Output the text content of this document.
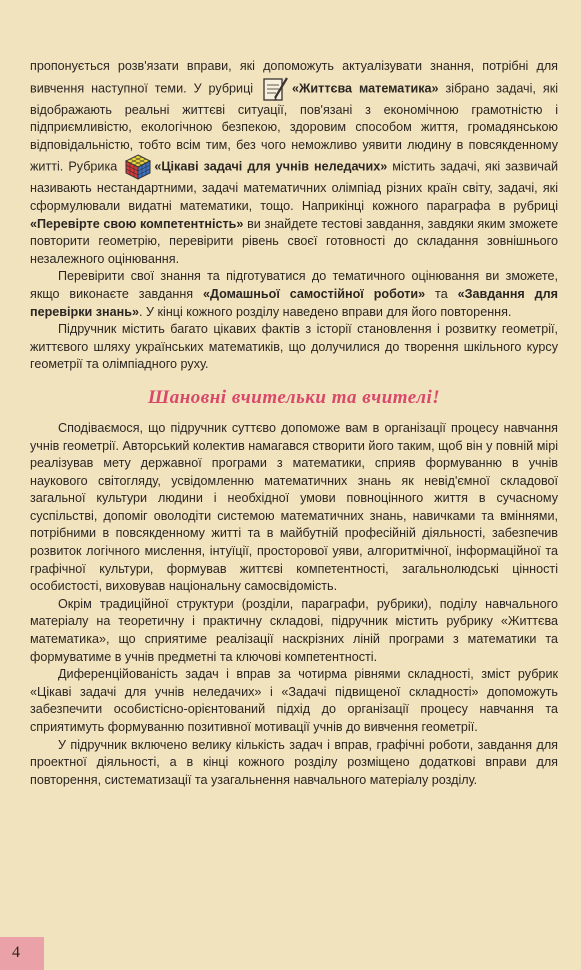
пропонується розв'язати вправи, які допоможуть актуалізувати знання, потрібні для вивчення наступної теми. У рубриці	«Життєва математика» зібрано задачі, які відображають реальні життєві ситуації, пов'язані з економічною грамотністю і підприємливістю, екологічною безпекою, здоровим способом життя, громадянською відповідальністю, тобто всім тим, без чого неможливо уявити людину в повсякденному житті. Рубрика	«Цікаві задачі для учнів неледачих» містить задачі, які зазвичай називають нестандартними, задачі математичних олімпіад різних країн світу, задачі, які сформулювали видатні математики, тощо. Наприкінці кожного параграфа в рубриці «Перевірте свою компетентність» ви знайдете тестові завдання, завдяки яким зможете повторити геометрію, перевірити рівень своєї готовності до складання зовнішнього незалежного оцінювання.

Перевірити свої знання та підготуватися до тематичного оцінювання ви зможете, якщо виконаєте завдання «Домашньої самостійної роботи» та «Завдання для перевірки знань». У кінці кожного розділу наведено вправи для його повторення.

Підручник містить багато цікавих фактів з історії становлення і розвитку геометрії, життєвого шляху українських математиків, що долучилися до творення шкільного курсу геометрії та олімпіадного руху.

Шановні вчительки та вчителі!

Сподіваємося, що підручник суттєво допоможе вам в організації процесу навчання учнів геометрії. Авторський колектив намагався створити його таким, щоб він у повній мірі реалізував мету державної програми з математики, сприяв формуванню в учнів наукового світогляду, усвідомленню математичних знань як невід'ємної складової загальної культури людини і необхідної умови повноцінного життя в сучасному суспільстві, допоміг оволодіти системою математичних знань, навичками та вміннями, потрібними в повсякденному житті та в майбутній професійній діяльності, забезпечив розвиток логічного мислення, інтуїції, просторової уяви, алгоритмічної, інформаційної та графічної культури, формував життєві компетентності, загальнолюдські цінності особистості, виховував національну самосвідомість.

Окрім традиційної структури (розділи, параграфи, рубрики), поділу навчального матеріалу на теоретичну і практичну складові, підручник містить рубрику «Життєва математика», що сприятиме реалізації наскрізних ліній програми з математики та формуватиме в учнів предметні та ключові компетентності.

Диференційованість задач і вправ за чотирма рівнями складності, зміст рубрик «Цікаві задачі для учнів неледачих» і «Задачі підвищеної складності» допоможуть забезпечити особистісно-орієнтований підхід до організації процесу навчання та сприятимуть формуванню позитивної мотивації учнів до вивчення геометрії.

У підручник включено велику кількість задач і вправ, графічні роботи, завдання для проектної діяльності, а в кінці кожного розділу розміщено додаткові вправи для повторення, систематизації та узагальнення навчального матеріалу розділу.

4
